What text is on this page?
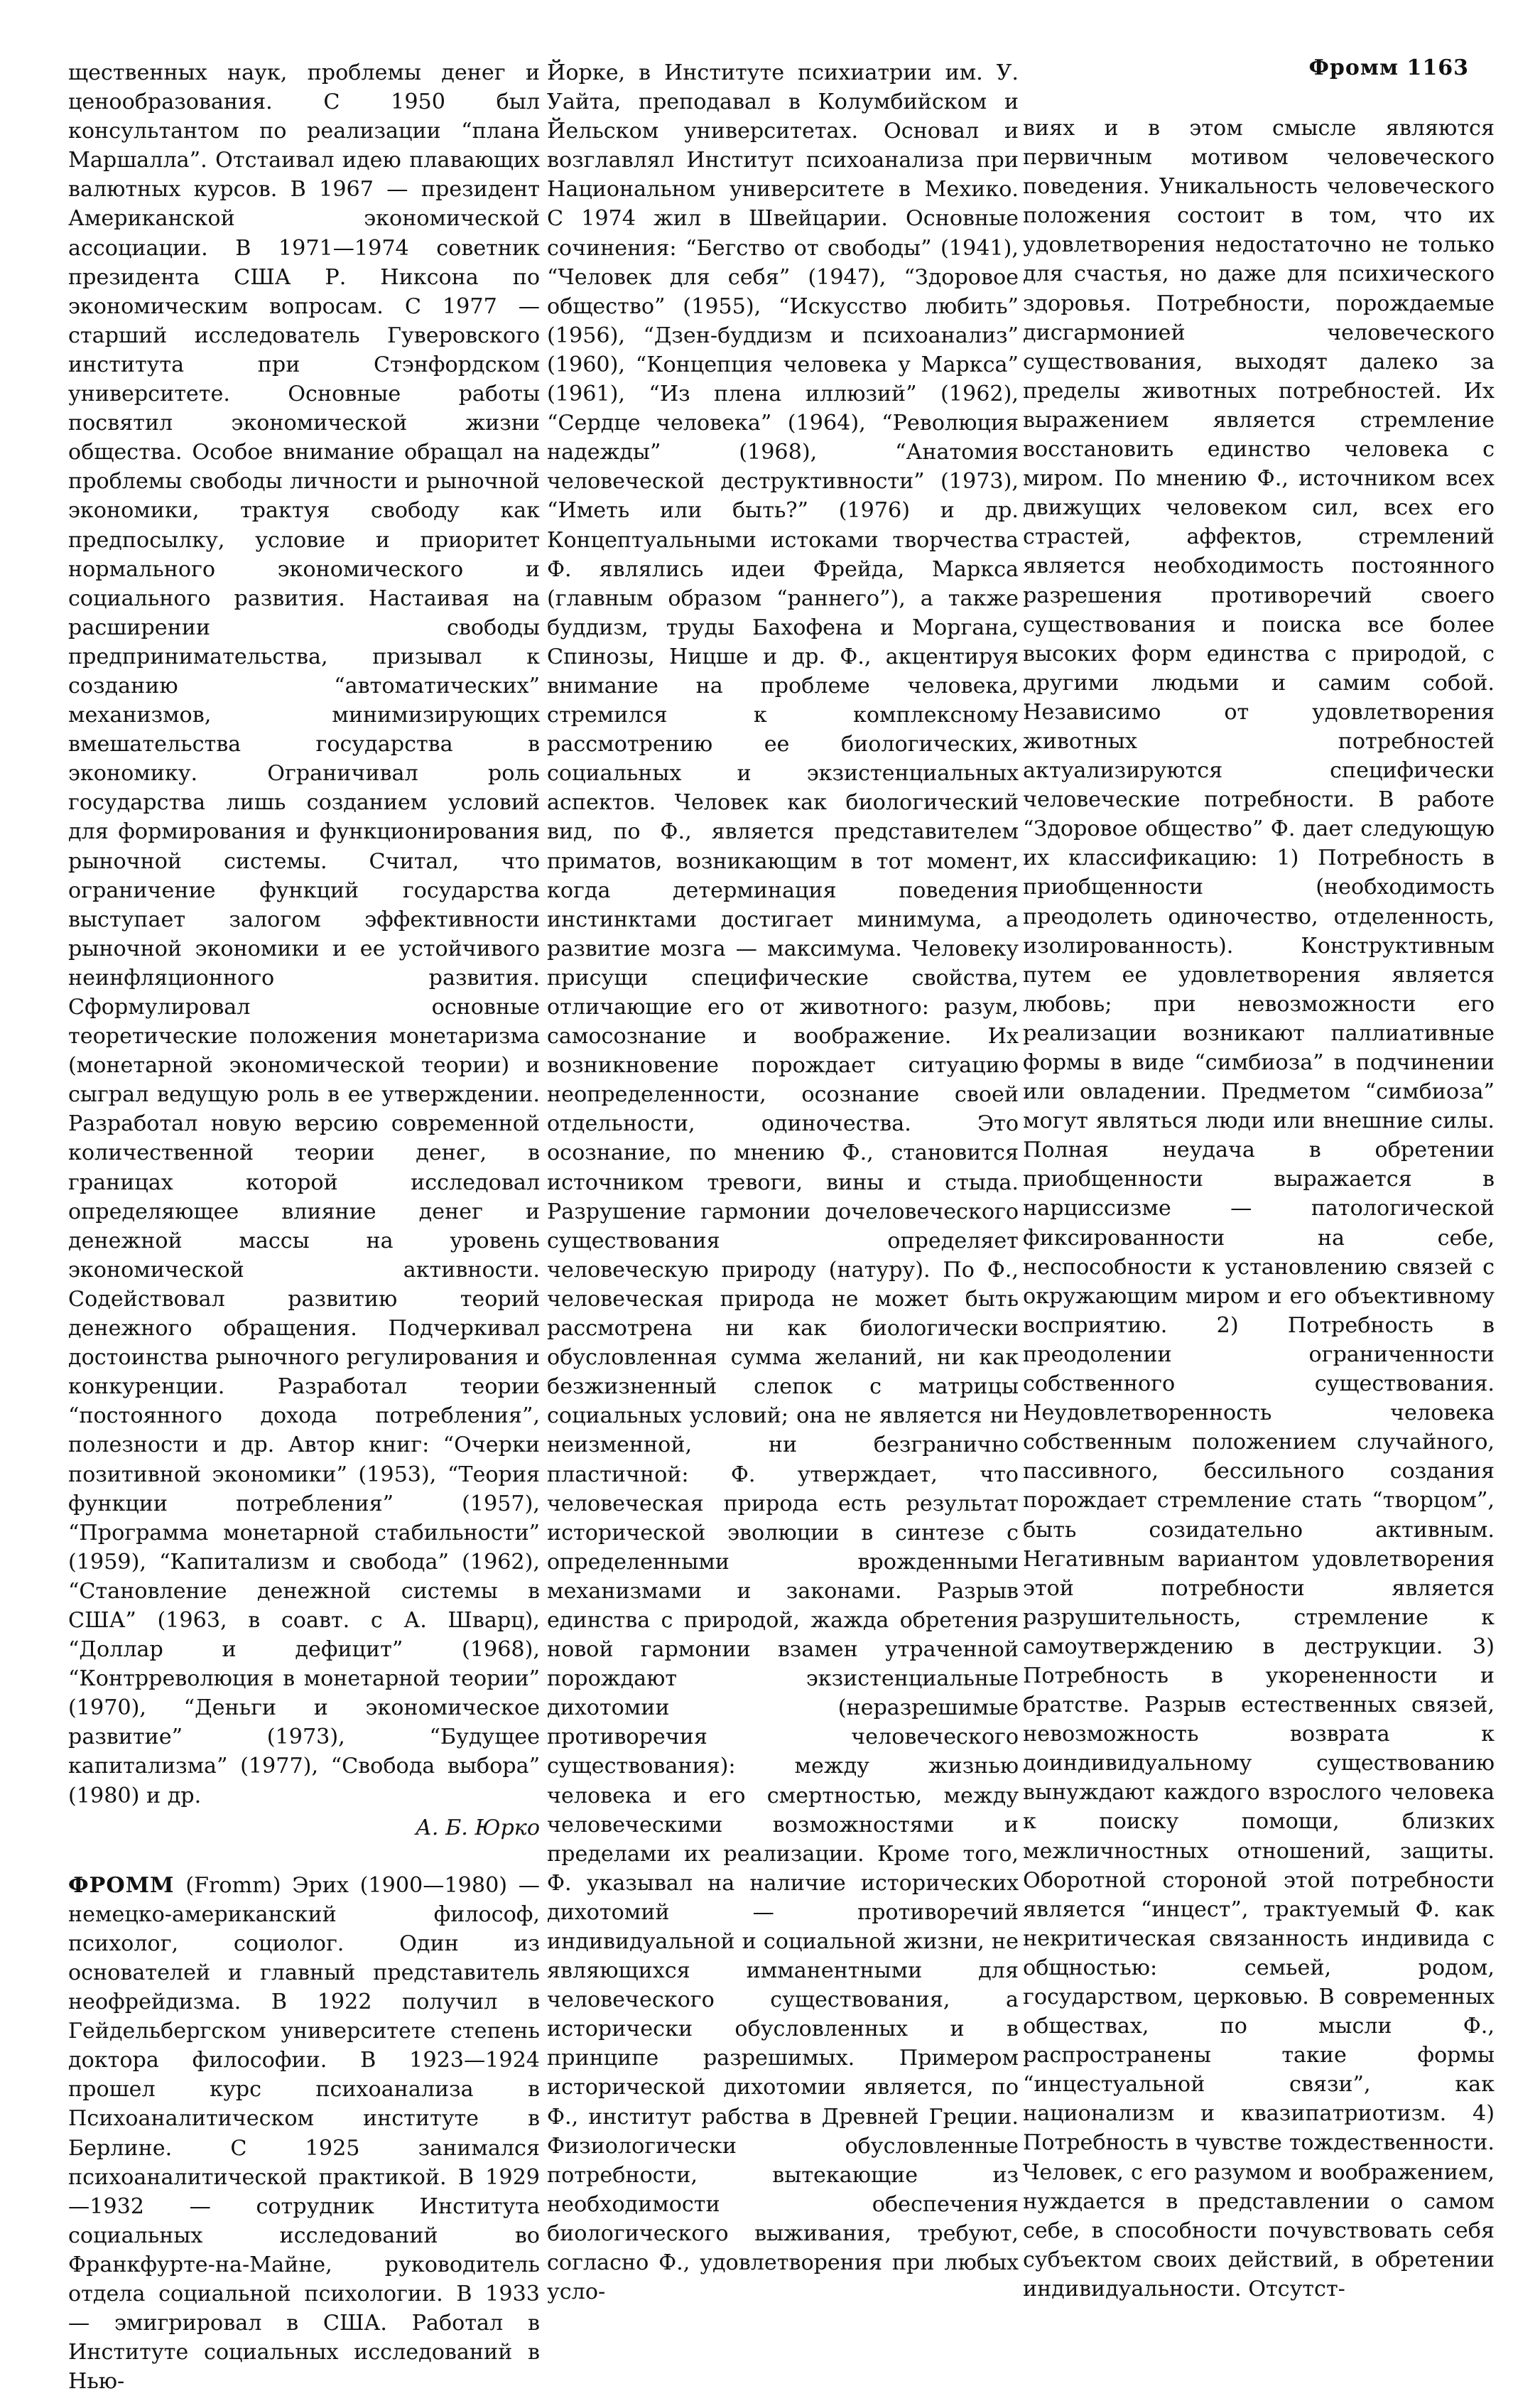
Фромм 1163

щественных наук, проблемы денег и ценообразования. С 1950 был консультантом по реализации “плана Маршалла”. Отстаивал идею плавающих валютных курсов. В 1967 — президент Американской экономической ассоциации. В 1971—1974 советник президента США Р. Никсона по экономическим вопросам. С 1977 — старший исследователь Гуверовского института при Стэнфордском университете. Основные работы посвятил экономической жизни общества. Особое внимание обращал на проблемы свободы личности и рыночной экономики, трактуя свободу как предпосылку, условие и приоритет нормального экономического и социального развития. Настаивая на расширении свободы предпринимательства, призывал к созданию “автоматических” механизмов, минимизирующих вмешательства государства в экономику. Ограничивал роль государства лишь созданием условий для формирования и функционирования рыночной системы. Считал, что ограничение функций государства выступает залогом эффективности рыночной экономики и ее устойчивого неинфляционного развития. Сформулировал основные теоретические положения монетаризма (монетарной экономической теории) и сыграл ведущую роль в ее утверждении. Разработал новую версию современной количественной теории денег, в границах которой исследовал определяющее влияние денег и денежной массы на уровень экономической активности. Содействовал развитию теорий денежного обращения. Подчеркивал достоинства рыночного регулирования и конкуренции. Разработал теории “постоянного дохода потребления”, полезности и др. Автор книг: “Очерки позитивной экономики” (1953), “Теория функции потребления” (1957), “Программа монетарной стабильности” (1959), “Капитализм и свобода” (1962), “Становление денежной системы в США” (1963, в соавт. с А. Шварц), “Доллар и дефицит” (1968), “Контрреволюция в монетарной теории” (1970), “Деньги и экономическое развитие” (1973), “Будущее капитализма” (1977), “Свобода выбора” (1980) и др.

А. Б. Юрко

ФРОММ (Fromm) Эрих (1900—1980) — немецко-американский философ, психолог, социолог. Один из основателей и главный представитель неофрейдизма. В 1922 получил в Гейдельбергском университете степень доктора философии. В 1923—1924 прошел курс психоанализа в Психоаналитическом институте в Берлине. С 1925 занимался психоаналитической практикой. В 1929—1932 — сотрудник Института социальных исследований во Франкфурте-на-Майне, руководитель отдела социальной психологии. В 1933 — эмигрировал в США. Работал в Институте социальных исследований в Нью-

Йорке, в Институте психиатрии им. У. Уайта, преподавал в Колумбийском и Йельском университетах. Основал и возглавлял Институт психоанализа при Национальном университете в Мехико. С 1974 жил в Швейцарии. Основные сочинения: “Бегство от свободы” (1941), “Человек для себя” (1947), “Здоровое общество” (1955), “Искусство любить” (1956), “Дзен-буддизм и психоанализ” (1960), “Концепция человека у Маркса” (1961), “Из плена иллюзий” (1962), “Сердце человека” (1964), “Революция надежды” (1968), “Анатомия человеческой деструктивности” (1973), “Иметь или быть?” (1976) и др. Концептуальными истоками творчества Ф. являлись идеи Фрейда, Маркса (главным образом “раннего”), а также буддизм, труды Бахофена и Моргана, Спинозы, Ницше и др. Ф., акцентируя внимание на проблеме человека, стремился к комплексному рассмотрению ее биологических, социальных и экзистенциальных аспектов. Человек как биологический вид, по Ф., является представителем приматов, возникающим в тот момент, когда детерминация поведения инстинктами достигает минимума, а развитие мозга — максимума. Человеку присущи специфические свойства, отличающие его от животного: разум, самосознание и воображение. Их возникновение порождает ситуацию неопределенности, осознание своей отдельности, одиночества. Это осознание, по мнению Ф., становится источником тревоги, вины и стыда. Разрушение гармонии дочеловеческого существования определяет человеческую природу (натуру). По Ф., человеческая природа не может быть рассмотрена ни как биологически обусловленная сумма желаний, ни как безжизненный слепок с матрицы социальных условий; она не является ни неизменной, ни безгранично пластичной: Ф. утверждает, что человеческая природа есть результат исторической эволюции в синтезе с определенными врожденными механизмами и законами. Разрыв единства с природой, жажда обретения новой гармонии взамен утраченной порождают экзистенциальные дихотомии (неразрешимые противоречия человеческого существования): между жизнью человека и его смертностью, между человеческими возможностями и пределами их реализации. Кроме того, Ф. указывал на наличие исторических дихотомий — противоречий индивидуальной и социальной жизни, не являющихся имманентными для человеческого существования, а исторически обусловленных и в принципе разрешимых. Примером исторической дихотомии является, по Ф., институт рабства в Древней Греции. Физиологически обусловленные потребности, вытекающие из необходимости обеспечения биологического выживания, требуют, согласно Ф., удовлетворения при любых усло-

виях и в этом смысле являются первичным мотивом человеческого поведения. Уникальность человеческого положения состоит в том, что их удовлетворения недостаточно не только для счастья, но даже для психического здоровья. Потребности, порождаемые дисгармонией человеческого существования, выходят далеко за пределы животных потребностей. Их выражением является стремление восстановить единство человека с миром. По мнению Ф., источником всех движущих человеком сил, всех его страстей, аффектов, стремлений является необходимость постоянного разрешения противоречий своего существования и поиска все более высоких форм единства с природой, с другими людьми и самим собой. Независимо от удовлетворения животных потребностей актуализируются специфически человеческие потребности. В работе “Здоровое общество” Ф. дает следующую их классификацию: 1) Потребность в приобщенности (необходимость преодолеть одиночество, отделенность, изолированность). Конструктивным путем ее удовлетворения является любовь; при невозможности его реализации возникают паллиативные формы в виде “симбиоза” в подчинении или овладении. Предметом “симбиоза” могут являться люди или внешние силы. Полная неудача в обретении приобщенности выражается в нарциссизме — патологической фиксированности на себе, неспособности к установлению связей с окружающим миром и его объективному восприятию. 2) Потребность в преодолении ограниченности собственного существования. Неудовлетворенность человека собственным положением случайного, пассивного, бессильного создания порождает стремление стать “творцом”, быть созидательно активным. Негативным вариантом удовлетворения этой потребности является разрушительность, стремление к самоутверждению в деструкции. 3) Потребность в укорененности и братстве. Разрыв естественных связей, невозможность возврата к доиндивидуальному существованию вынуждают каждого взрослого человека к поиску помощи, близких межличностных отношений, защиты. Оборотной стороной этой потребности является “инцест”, трактуемый Ф. как некритическая связанность индивида с общностью: семьей, родом, государством, церковью. В современных обществах, по мысли Ф., распространены такие формы “инцестуальной связи”, как национализм и квазипатриотизм. 4) Потребность в чувстве тождественности. Человек, с его разумом и воображением, нуждается в представлении о самом себе, в способности почувствовать себя субъектом своих действий, в обретении индивидуальности. Отсутст-
